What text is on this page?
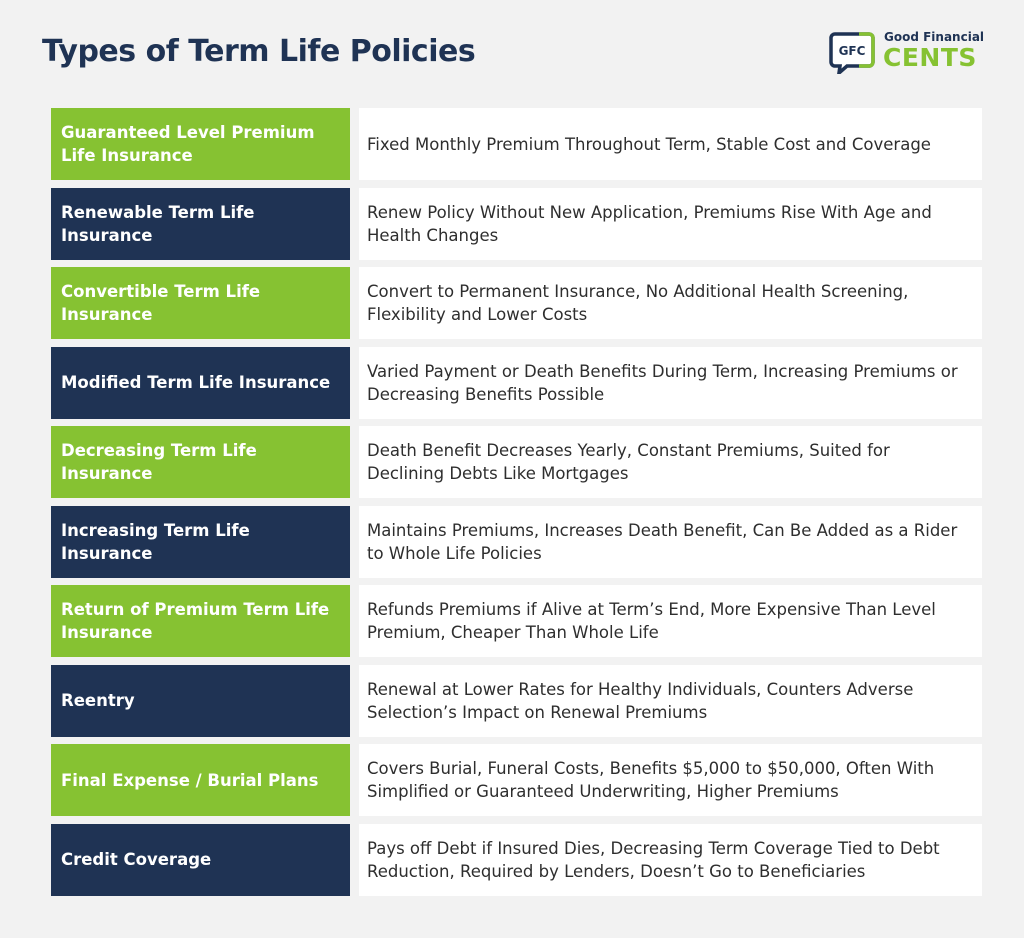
Types of Term Life Policies	GFC
Good Financial
CENTS
Guaranteed Level Premium Life Insurance
Fixed Monthly Premium Throughout Term, Stable Cost and Coverage
Renewable Term Life Insurance
Renew Policy Without New Application, Premiums Rise With Age and Health Changes
Convertible Term Life Insurance
Convert to Permanent Insurance, No Additional Health Screening, Flexibility and Lower Costs
Modified Term Life Insurance
Varied Payment or Death Benefits During Term, Increasing Premiums or Decreasing Benefits Possible
Decreasing Term Life Insurance
Death Benefit Decreases Yearly, Constant Premiums, Suited for Declining Debts Like Mortgages
Increasing Term Life Insurance
Maintains Premiums, Increases Death Benefit, Can Be Added as a Rider to Whole Life Policies
Return of Premium Term Life Insurance
Refunds Premiums if Alive at Term’s End, More Expensive Than Level Premium, Cheaper Than Whole Life
Reentry
Renewal at Lower Rates for Healthy Individuals, Counters Adverse Selection’s Impact on Renewal Premiums
Final Expense / Burial Plans
Covers Burial, Funeral Costs, Benefits $5,000 to $50,000, Often With Simplified or Guaranteed Underwriting, Higher Premiums
Credit Coverage
Pays off Debt if Insured Dies, Decreasing Term Coverage Tied to Debt Reduction, Required by Lenders, Doesn’t Go to Beneficiaries
